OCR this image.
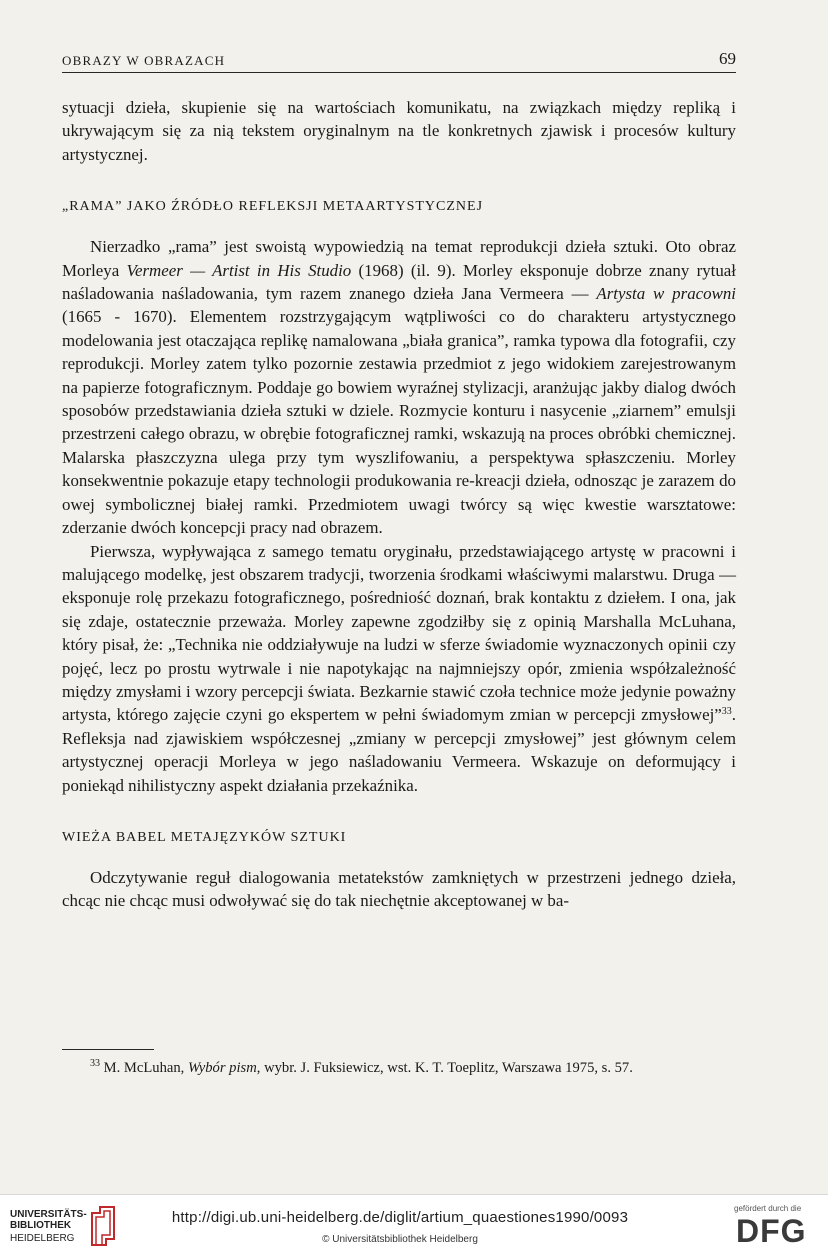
OBRAZY W OBRAZACH	69

sytuacji dzieła, skupienie się na wartościach komunikatu, na związkach między repliką i ukrywającym się za nią tekstem oryginalnym na tle konkretnych zjawisk i procesów kultury artystycznej.

„RAMA” JAKO ŹRÓDŁO REFLEKSJI METAARTYSTYCZNEJ

Nierzadko „rama” jest swoistą wypowiedzią na temat reprodukcji dzieła sztuki. Oto obraz Morleya Vermeer — Artist in His Studio (1968) (il. 9). Morley eksponuje dobrze znany rytuał naśladowania naśladowania, tym razem znanego dzieła Jana Vermeera — Artysta w pracowni (1665 - 1670). Elementem rozstrzygającym wątpliwości co do charakteru artystycznego modelowania jest otaczająca replikę namalowana „biała granica”, ramka typowa dla fotografii, czy reprodukcji. Morley zatem tylko pozornie zestawia przedmiot z jego widokiem zarejestrowanym na papierze fotograficznym. Poddaje go bowiem wyraźnej stylizacji, aranżując jakby dialog dwóch sposobów przedstawiania dzieła sztuki w dziele. Rozmycie konturu i nasycenie „ziarnem” emulsji przestrzeni całego obrazu, w obrębie fotograficznej ramki, wskazują na proces obróbki chemicznej. Malarska płaszczyzna ulega przy tym wyszlifowaniu, a perspektywa spłaszczeniu. Morley konsekwentnie pokazuje etapy technologii produkowania re-kreacji dzieła, odnosząc je zarazem do owej symbolicznej białej ramki. Przedmiotem uwagi twórcy są więc kwestie warsztatowe: zderzanie dwóch koncepcji pracy nad obrazem.

Pierwsza, wypływająca z samego tematu oryginału, przedstawiającego artystę w pracowni i malującego modelkę, jest obszarem tradycji, tworzenia środkami właściwymi malarstwu. Druga — eksponuje rolę przekazu fotograficznego, pośredniość doznań, brak kontaktu z dziełem. I ona, jak się zdaje, ostatecznie przeważa. Morley zapewne zgodziłby się z opinią Marshalla McLuhana, który pisał, że: „Technika nie oddziaływuje na ludzi w sferze świadomie wyznaczonych opinii czy pojęć, lecz po prostu wytrwale i nie napotykając na najmniejszy opór, zmienia współzależność między zmysłami i wzory percepcji świata. Bezkarnie stawić czoła technice może jedynie poważny artysta, którego zajęcie czyni go ekspertem w pełni świadomym zmian w percepcji zmysłowej”$^{33}$. Refleksja nad zjawiskiem współczesnej „zmiany w percepcji zmysłowej” jest głównym celem artystycznej operacji Morleya w jego naśladowaniu Vermeera. Wskazuje on deformujący i poniekąd nihilistyczny aspekt działania przekaźnika.

WIEŻA BABEL METAJĘZYKÓW SZTUKI

Odczytywanie reguł dialogowania metatekstów zamkniętych w przestrzeni jednego dzieła, chcąc nie chcąc musi odwoływać się do tak niechętnie akceptowanej w ba-

$^{33}$ M. McLuhan, Wybór pism, wybr. J. Fuksiewicz, wst. K. T. Toeplitz, Warszawa 1975, s. 57.

UNIVERSITÄTS-
BIBLIOTHEK
HEIDELBERG
http://digi.ub.uni-heidelberg.de/diglit/artium_quaestiones1990/0093
© Universitätsbibliothek Heidelberg
gefördert durch die
DFG
